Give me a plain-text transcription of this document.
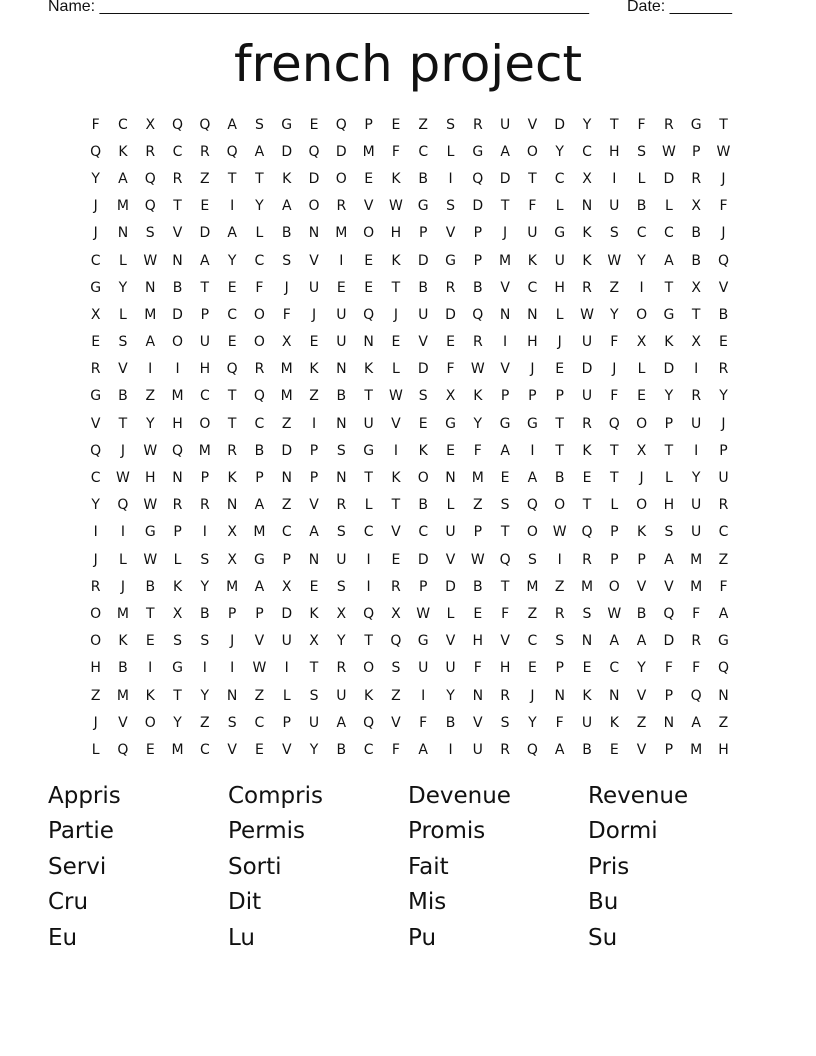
Name: _______________________________________________________ Date: _______
french project
F	C	X	Q	Q	A	S	G	E	Q	P	E	Z	S	R	U	V	D	Y	T	F	R	G	T
Q	K	R	C	R	Q	A	D	Q	D	M	F	C	L	G	A	O	Y	C	H	S	W	P	W
Y	A	Q	R	Z	T	T	K	D	O	E	K	B	I	Q	D	T	C	X	I	L	D	R	J
J	M	Q	T	E	I	Y	A	O	R	V	W	G	S	D	T	F	L	N	U	B	L	X	F
J	N	S	V	D	A	L	B	N	M	O	H	P	V	P	J	U	G	K	S	C	C	B	J
C	L	W	N	A	Y	C	S	V	I	E	K	D	G	P	M	K	U	K	W	Y	A	B	Q
G	Y	N	B	T	E	F	J	U	E	E	T	B	R	B	V	C	H	R	Z	I	T	X	V
X	L	M	D	P	C	O	F	J	U	Q	J	U	D	Q	N	N	L	W	Y	O	G	T	B
E	S	A	O	U	E	O	X	E	U	N	E	V	E	R	I	H	J	U	F	X	K	X	E
R	V	I	I	H	Q	R	M	K	N	K	L	D	F	W	V	J	E	D	J	L	D	I	R
G	B	Z	M	C	T	Q	M	Z	B	T	W	S	X	K	P	P	P	U	F	E	Y	R	Y
V	T	Y	H	O	T	C	Z	I	N	U	V	E	G	Y	G	G	T	R	Q	O	P	U	J
Q	J	W	Q	M	R	B	D	P	S	G	I	K	E	F	A	I	T	K	T	X	T	I	P
C	W	H	N	P	K	P	N	P	N	T	K	O	N	M	E	A	B	E	T	J	L	Y	U
Y	Q	W	R	R	N	A	Z	V	R	L	T	B	L	Z	S	Q	O	T	L	O	H	U	R
I	I	G	P	I	X	M	C	A	S	C	V	C	U	P	T	O	W	Q	P	K	S	U	C
J	L	W	L	S	X	G	P	N	U	I	E	D	V	W	Q	S	I	R	P	P	A	M	Z
R	J	B	K	Y	M	A	X	E	S	I	R	P	D	B	T	M	Z	M	O	V	V	M	F
O	M	T	X	B	P	P	D	K	X	Q	X	W	L	E	F	Z	R	S	W	B	Q	F	A
O	K	E	S	S	J	V	U	X	Y	T	Q	G	V	H	V	C	S	N	A	A	D	R	G
H	B	I	G	I	I	W	I	T	R	O	S	U	U	F	H	E	P	E	C	Y	F	F	Q
Z	M	K	T	Y	N	Z	L	S	U	K	Z	I	Y	N	R	J	N	K	N	V	P	Q	N
J	V	O	Y	Z	S	C	P	U	A	Q	V	F	B	V	S	Y	F	U	K	Z	N	A	Z
L	Q	E	M	C	V	E	V	Y	B	C	F	A	I	U	R	Q	A	B	E	V	P	M	H
Appris	Compris	Devenue	Revenue
Partie	Permis	Promis	Dormi
Servi	Sorti	Fait	Pris
Cru	Dit	Mis	Bu
Eu	Lu	Pu	Su
